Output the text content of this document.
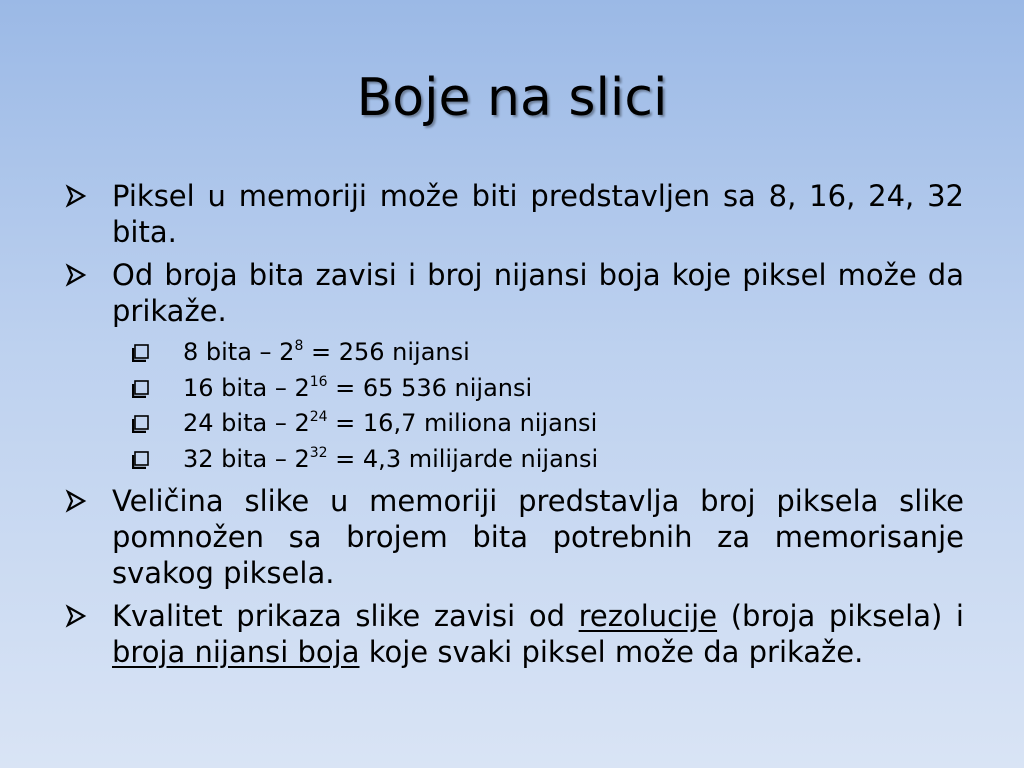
Boje na slici
Piksel u memoriji može biti predstavljen sa 8, 16, 24, 32 bita.
Od broja bita zavisi i broj nijansi boja koje piksel može da prikaže.
8 bita – $2^8 = 256$ nijansi
16 bita – $2^{16} = 65$ 536 nijansi
24 bita – $2^{24} = 16,7$ miliona nijansi
32 bita – $2^{32} = 4,3$ milijarde nijansi
Veličina slike u memoriji predstavlja broj piksela slike pomnožen sa brojem bita potrebnih za memorisanje svakog piksela.
Kvalitet prikaza slike zavisi od rezolucije (broja piksela) i broja nijansi boja koje svaki piksel može da prikaže.
